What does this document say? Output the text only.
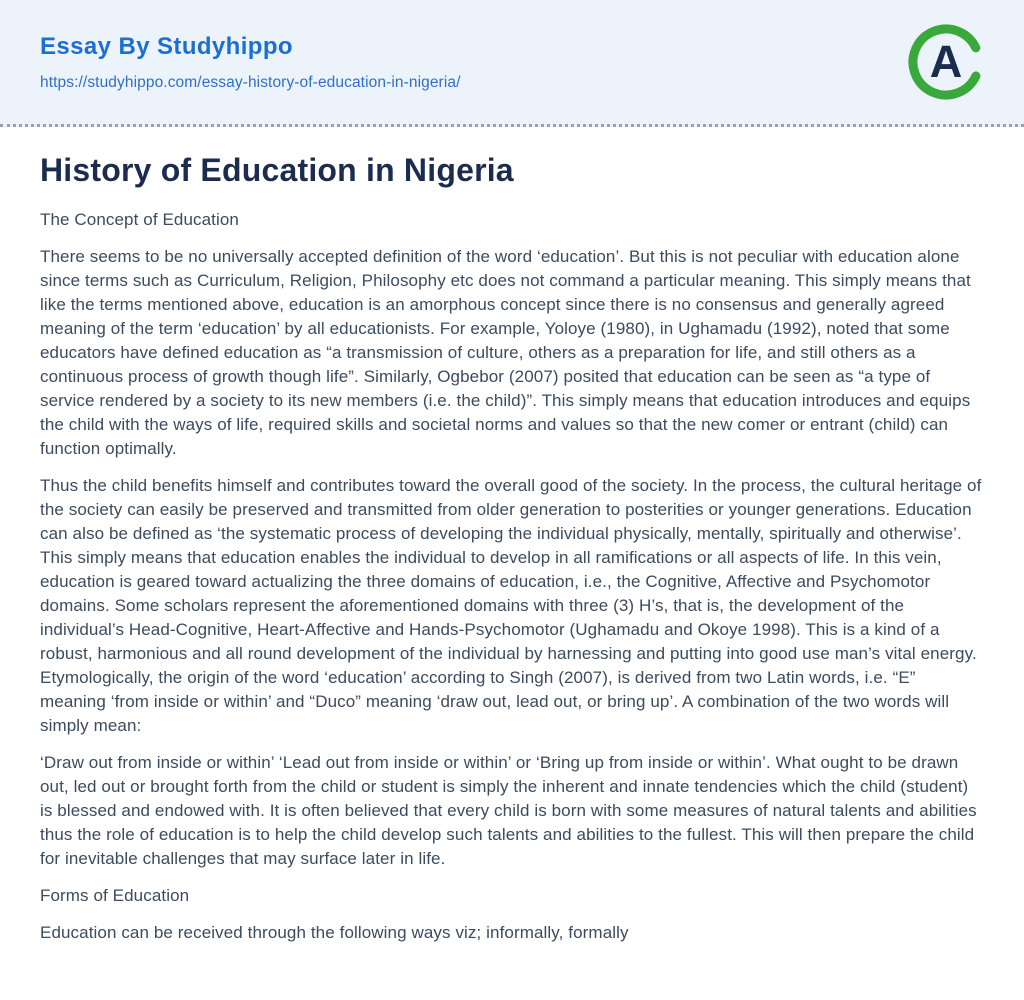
Essay By Studyhippo
https://studyhippo.com/essay-history-of-education-in-nigeria/	A
History of Education in Nigeria

The Concept of Education

There seems to be no universally accepted definition of the word ‘education’. But this is not peculiar with education alone since terms such as Curriculum, Religion, Philosophy etc does not command a particular meaning. This simply means that like the terms mentioned above, education is an amorphous concept since there is no consensus and generally agreed meaning of the term ‘education’ by all educationists. For example, Yoloye (1980), in Ughamadu (1992), noted that some educators have defined education as “a transmission of culture, others as a preparation for life, and still others as a continuous process of growth though life”. Similarly, Ogbebor (2007) posited that education can be seen as “a type of service rendered by a society to its new members (i.e. the child)”. This simply means that education introduces and equips the child with the ways of life, required skills and societal norms and values so that the new comer or entrant (child) can function optimally.

Thus the child benefits himself and contributes toward the overall good of the society. In the process, the cultural heritage of the society can easily be preserved and transmitted from older generation to posterities or younger generations. Education can also be defined as ‘the systematic process of developing the individual physically, mentally, spiritually and otherwise’. This simply means that education enables the individual to develop in all ramifications or all aspects of life. In this vein, education is geared toward actualizing the three domains of education, i.e., the Cognitive, Affective and Psychomotor domains. Some scholars represent the aforementioned domains with three (3) H’s, that is, the development of the individual’s Head-Cognitive, Heart-Affective and Hands-Psychomotor (Ughamadu and Okoye 1998). This is a kind of a robust, harmonious and all round development of the individual by harnessing and putting into good use man’s vital energy. Etymologically, the origin of the word ‘education’ according to Singh (2007), is derived from two Latin words, i.e. “E” meaning ‘from inside or within’ and “Duco” meaning ‘draw out, lead out, or bring up’. A combination of the two words will simply mean:

‘Draw out from inside or within’ ‘Lead out from inside or within’ or ‘Bring up from inside or within’. What ought to be drawn out, led out or brought forth from the child or student is simply the inherent and innate tendencies which the child (student) is blessed and endowed with. It is often believed that every child is born with some measures of natural talents and abilities thus the role of education is to help the child develop such talents and abilities to the fullest. This will then prepare the child for inevitable challenges that may surface later in life.

Forms of Education

Education can be received through the following ways viz; informally, formally
